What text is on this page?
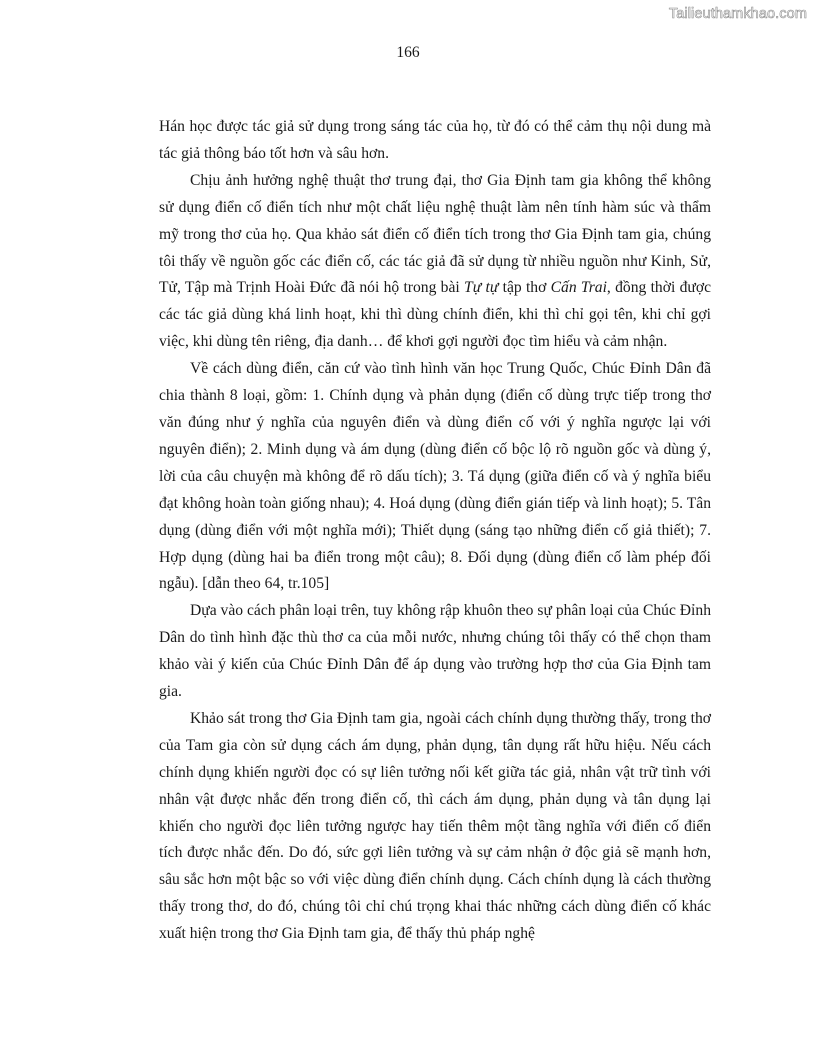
Tailieuthamkhao.com
166

Hán học được tác giả sử dụng trong sáng tác của họ, từ đó có thể cảm thụ nội dung mà tác giả thông báo tốt hơn và sâu hơn.

Chịu ảnh hưởng nghệ thuật thơ trung đại, thơ Gia Định tam gia không thể không sử dụng điển cố điển tích như một chất liệu nghệ thuật làm nên tính hàm súc và thẩm mỹ trong thơ của họ. Qua khảo sát điển cố điển tích trong thơ Gia Định tam gia, chúng tôi thấy về nguồn gốc các điển cố, các tác giả đã sử dụng từ nhiều nguồn như Kinh, Sử, Tử, Tập mà Trịnh Hoài Đức đã nói hộ trong bài Tự tự tập thơ Cấn Trai, đồng thời được các tác giả dùng khá linh hoạt, khi thì dùng chính điển, khi thì chỉ gọi tên, khi chỉ gợi việc, khi dùng tên riêng, địa danh… để khơi gợi người đọc tìm hiểu và cảm nhận.

Về cách dùng điển, căn cứ vào tình hình văn học Trung Quốc, Chúc Đỉnh Dân đã chia thành 8 loại, gồm: 1. Chính dụng và phản dụng (điển cố dùng trực tiếp trong thơ văn đúng như ý nghĩa của nguyên điển và dùng điển cố với ý nghĩa ngược lại với nguyên điển); 2. Minh dụng và ám dụng (dùng điển cố bộc lộ rõ nguồn gốc và dùng ý, lời của câu chuyện mà không để rõ dấu tích); 3. Tá dụng (giữa điển cố và ý nghĩa biểu đạt không hoàn toàn giống nhau); 4. Hoá dụng (dùng điển gián tiếp và linh hoạt); 5. Tân dụng (dùng điển với một nghĩa mới); Thiết dụng (sáng tạo những điển cố giả thiết); 7. Hợp dụng (dùng hai ba điển trong một câu); 8. Đối dụng (dùng điển cố làm phép đối ngẫu). [dẫn theo 64, tr.105]

Dựa vào cách phân loại trên, tuy không rập khuôn theo sự phân loại của Chúc Đỉnh Dân do tình hình đặc thù thơ ca của mỗi nước, nhưng chúng tôi thấy có thể chọn tham khảo vài ý kiến của Chúc Đỉnh Dân để áp dụng vào trường hợp thơ của Gia Định tam gia.

Khảo sát trong thơ Gia Định tam gia, ngoài cách chính dụng thường thấy, trong thơ của Tam gia còn sử dụng cách ám dụng, phản dụng, tân dụng rất hữu hiệu. Nếu cách chính dụng khiến người đọc có sự liên tưởng nối kết giữa tác giả, nhân vật trữ tình với nhân vật được nhắc đến trong điển cố, thì cách ám dụng, phản dụng và tân dụng lại khiến cho người đọc liên tưởng ngược hay tiến thêm một tầng nghĩa với điển cố điển tích được nhắc đến. Do đó, sức gợi liên tưởng và sự cảm nhận ở độc giả sẽ mạnh hơn, sâu sắc hơn một bậc so với việc dùng điển chính dụng. Cách chính dụng là cách thường thấy trong thơ, do đó, chúng tôi chỉ chú trọng khai thác những cách dùng điển cố khác xuất hiện trong thơ Gia Định tam gia, để thấy thủ pháp nghệ
